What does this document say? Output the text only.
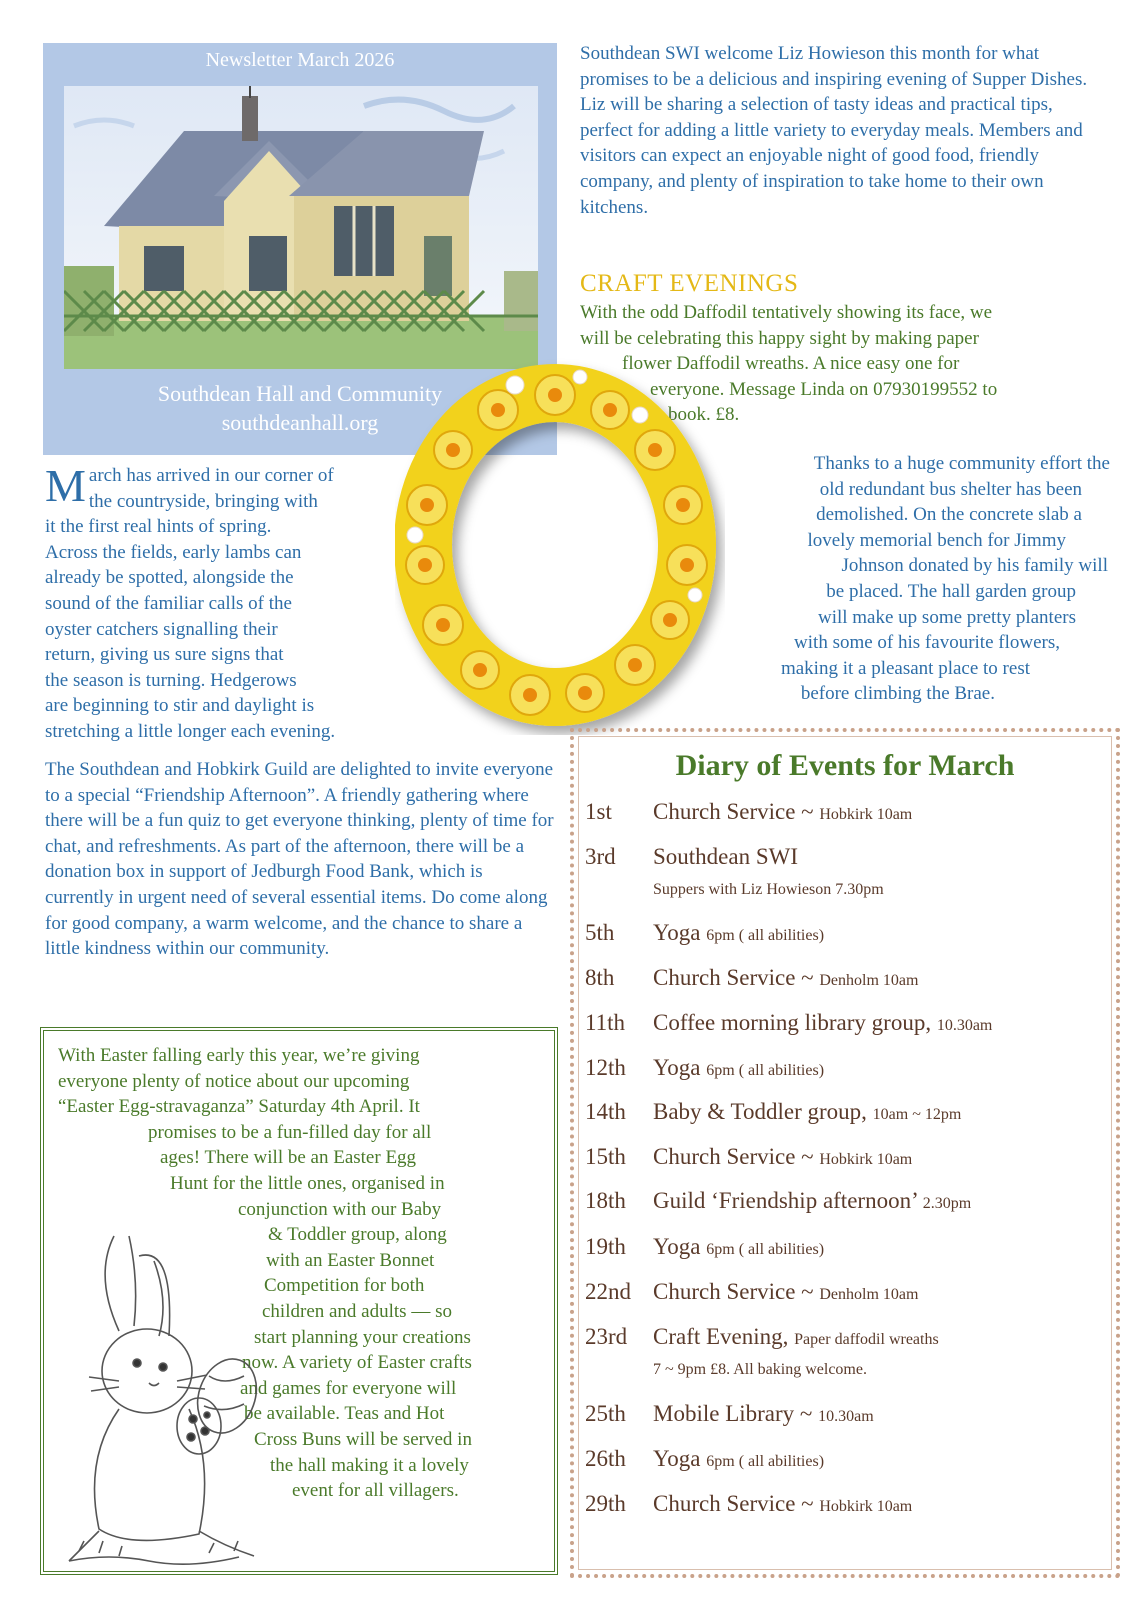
Newsletter March 2026
Southdean Hall and Community
southdeanhall.org
Southdean SWI welcome Liz Howieson this month for what promises to be a delicious and inspiring evening of Supper Dishes. Liz will be sharing a selection of tasty ideas and practical tips, perfect for adding a little variety to everyday meals. Members and visitors can expect an enjoyable night of good food, friendly company, and plenty of inspiration to take home to their own kitchens.
CRAFT EVENINGS
With the odd Daffodil tentatively showing its face, we
will be celebrating this happy sight by making paper
flower Daffodil wreaths. A nice easy one for
everyone. Message Linda on 07930199552 to
book. £8.
Thanks to a huge community effort the
old redundant bus shelter has been
demolished. On the concrete slab a
lovely memorial bench for Jimmy
Johnson donated by his family will
be placed. The hall garden group
will make up some pretty planters
with some of his favourite flowers,
making it a pleasant place to rest
before climbing the Brae.
M arch has arrived in our corner of
the countryside, bringing with
it the first real hints of spring.
Across the fields, early lambs can
already be spotted, alongside the
sound of the familiar calls of the
oyster catchers signalling their
return, giving us sure signs that
the season is turning. Hedgerows
are beginning to stir and daylight is
stretching a little longer each evening.
The Southdean and Hobkirk Guild are delighted to invite everyone to a special “Friendship Afternoon”. A friendly gathering where there will be a fun quiz to get everyone thinking, plenty of time for chat, and refreshments. As part of the afternoon, there will be a donation box in support of Jedburgh Food Bank, which is currently in urgent need of several essential items. Do come along for good company, a warm welcome, and the chance to share a little kindness within our community.
With Easter falling early this year, we’re giving
everyone plenty of notice about our upcoming
“Easter Egg-stravaganza” Saturday 4th April. It
promises to be a fun-filled day for all
ages! There will be an Easter Egg
Hunt for the little ones, organised in
conjunction with our Baby
& Toddler group, along
with an Easter Bonnet
Competition for both
children and adults — so
start planning your creations
now. A variety of Easter crafts
and games for everyone will
be available. Teas and Hot
Cross Buns will be served in
the hall making it a lovely
event for all villagers.
Diary of Events for March
1st Church Service ~ Hobkirk 10am
3rd Southdean SWI
Suppers with Liz Howieson 7.30pm
5th Yoga 6pm ( all abilities)
8th Church Service ~ Denholm 10am
11th Coffee morning library group, 10.30am
12th Yoga 6pm ( all abilities)
14th Baby & Toddler group, 10am ~ 12pm
15th Church Service ~ Hobkirk 10am
18th Guild ‘Friendship afternoon’ 2.30pm
19th Yoga 6pm ( all abilities)
22nd Church Service ~ Denholm 10am
23rd Craft Evening, Paper daffodil wreaths
7 ~ 9pm £8. All baking welcome.
25th Mobile Library ~ 10.30am
26th Yoga 6pm ( all abilities)
29th Church Service ~ Hobkirk 10am
